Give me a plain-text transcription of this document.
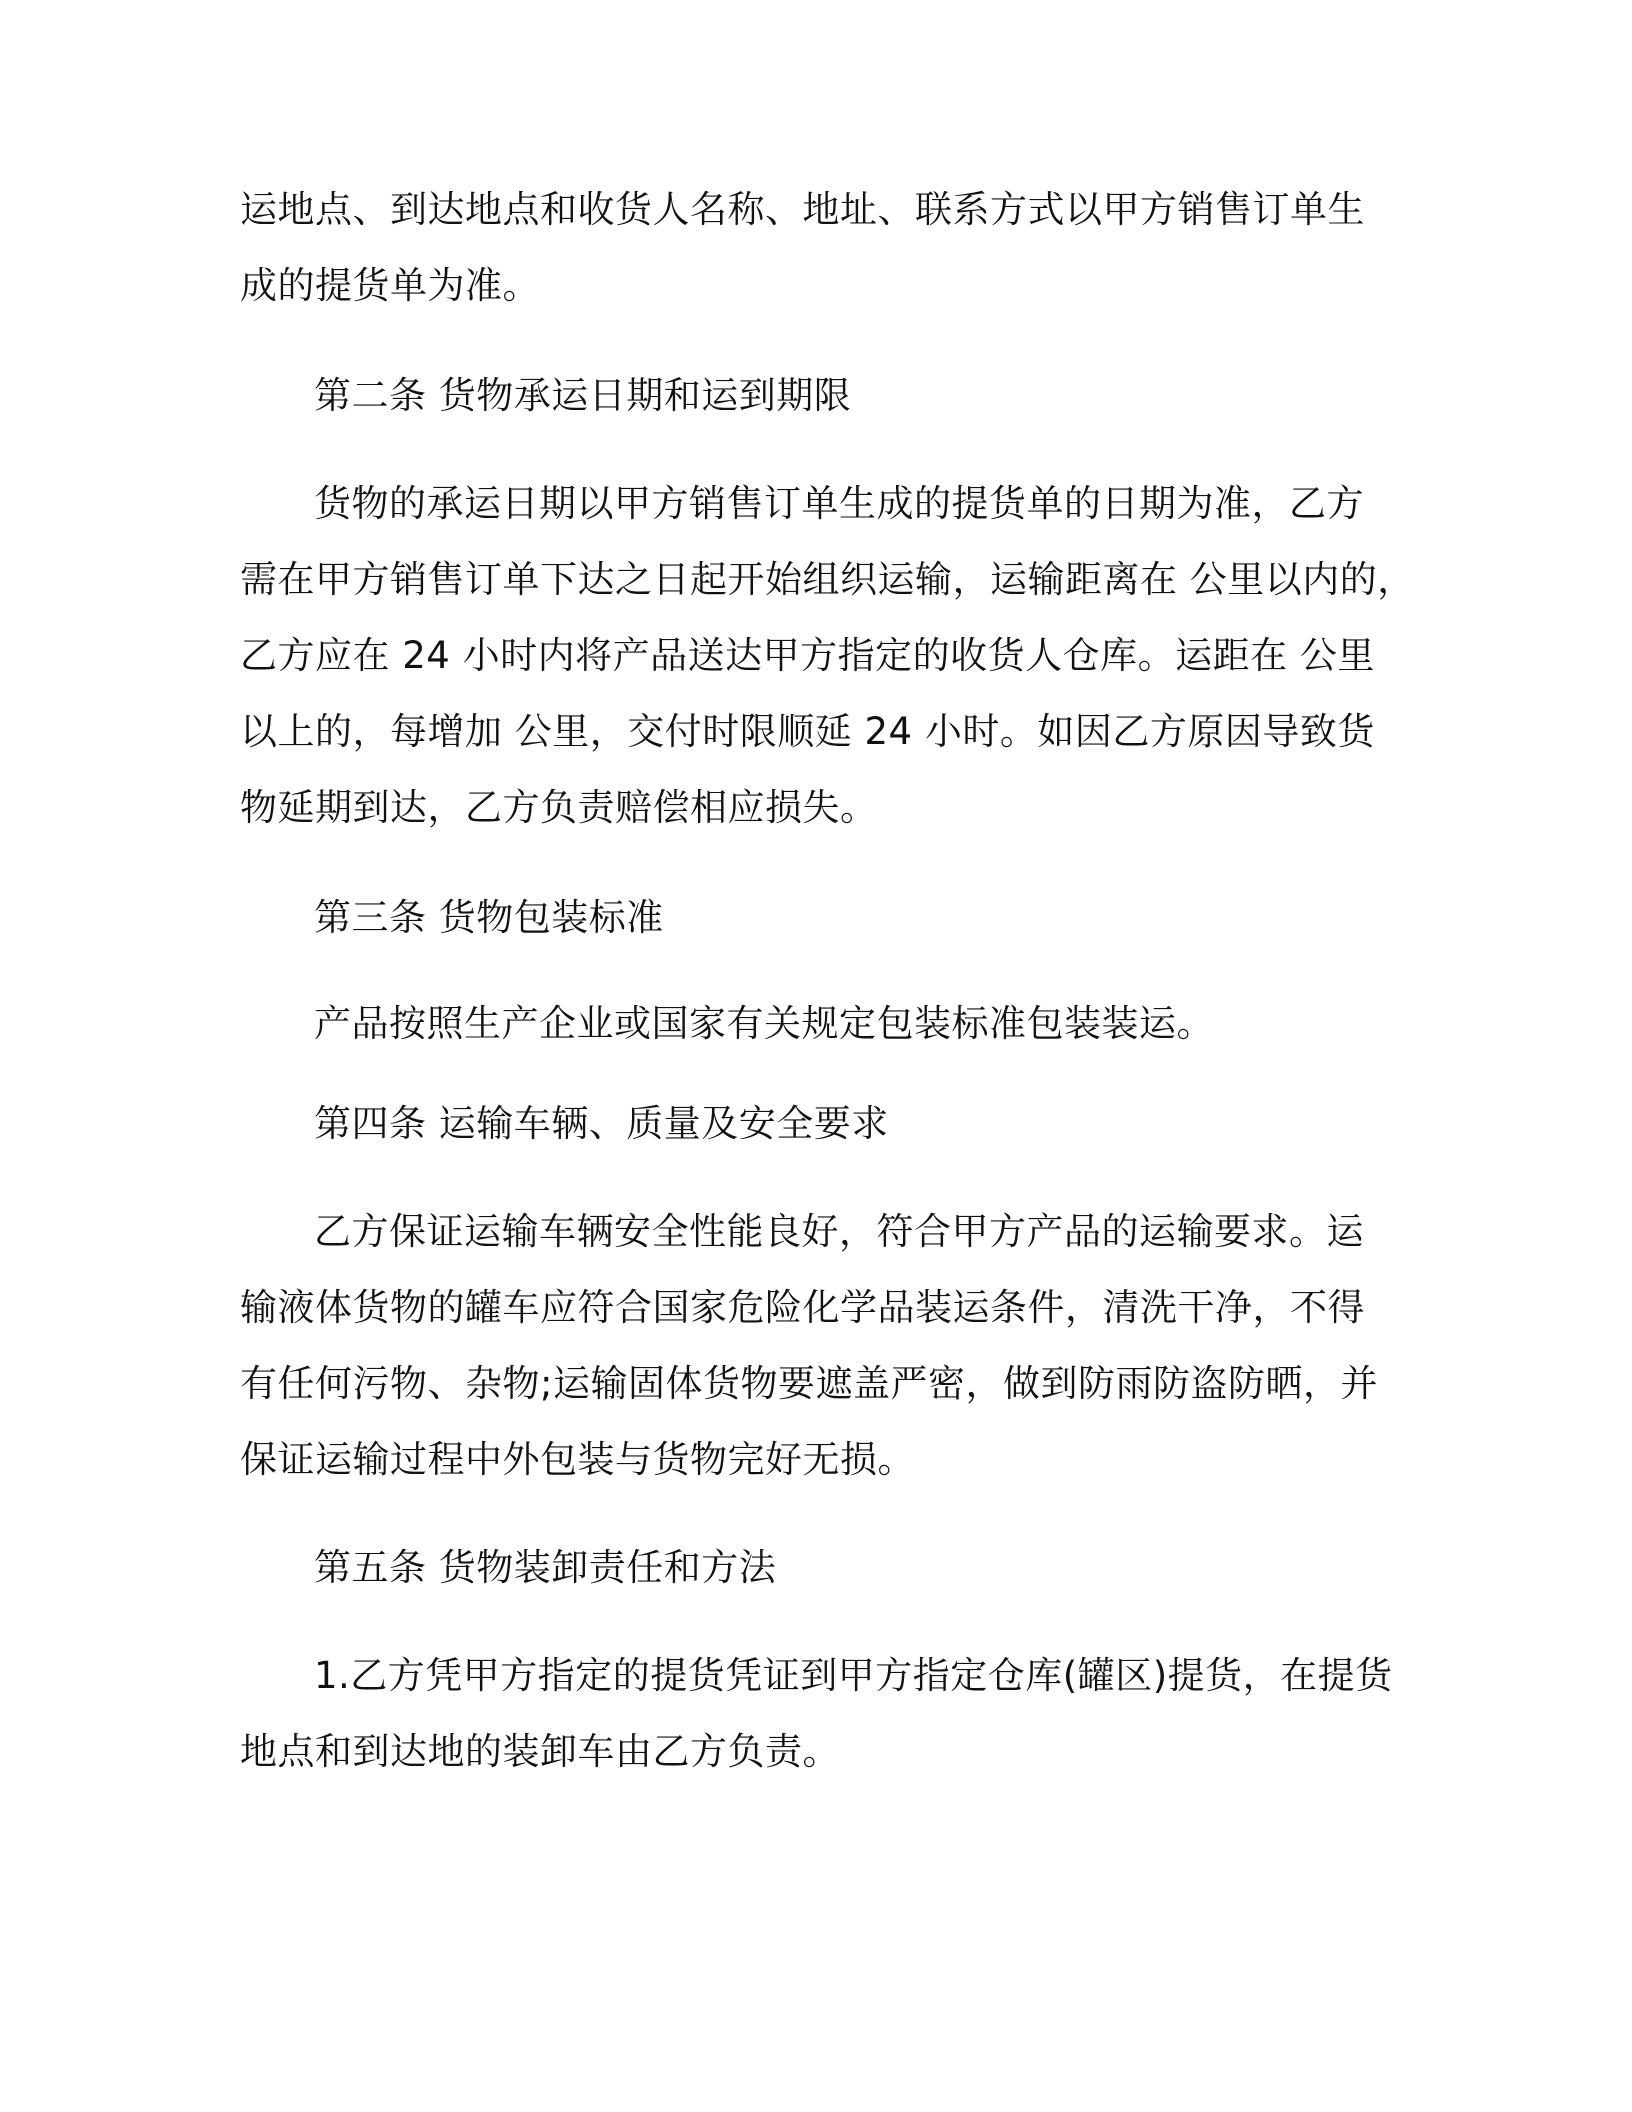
运地点、到达地点和收货人名称、地址、联系方式以甲方销售订单生
成的提货单为准。
第二条 货物承运日期和运到期限
货物的承运日期以甲方销售订单生成的提货单的日期为准，乙方
需在甲方销售订单下达之日起开始组织运输，运输距离在 公里以内的，
乙方应在 24 小时内将产品送达甲方指定的收货人仓库。运距在 公里
以上的，每增加 公里，交付时限顺延 24 小时。如因乙方原因导致货
物延期到达，乙方负责赔偿相应损失。
第三条 货物包装标准
产品按照生产企业或国家有关规定包装标准包装装运。
第四条 运输车辆、质量及安全要求
乙方保证运输车辆安全性能良好，符合甲方产品的运输要求。运
输液体货物的罐车应符合国家危险化学品装运条件，清洗干净，不得
有任何污物、杂物;运输固体货物要遮盖严密，做到防雨防盗防晒，并
保证运输过程中外包装与货物完好无损。
第五条 货物装卸责任和方法
1.乙方凭甲方指定的提货凭证到甲方指定仓库(罐区)提货，在提货
地点和到达地的装卸车由乙方负责。
